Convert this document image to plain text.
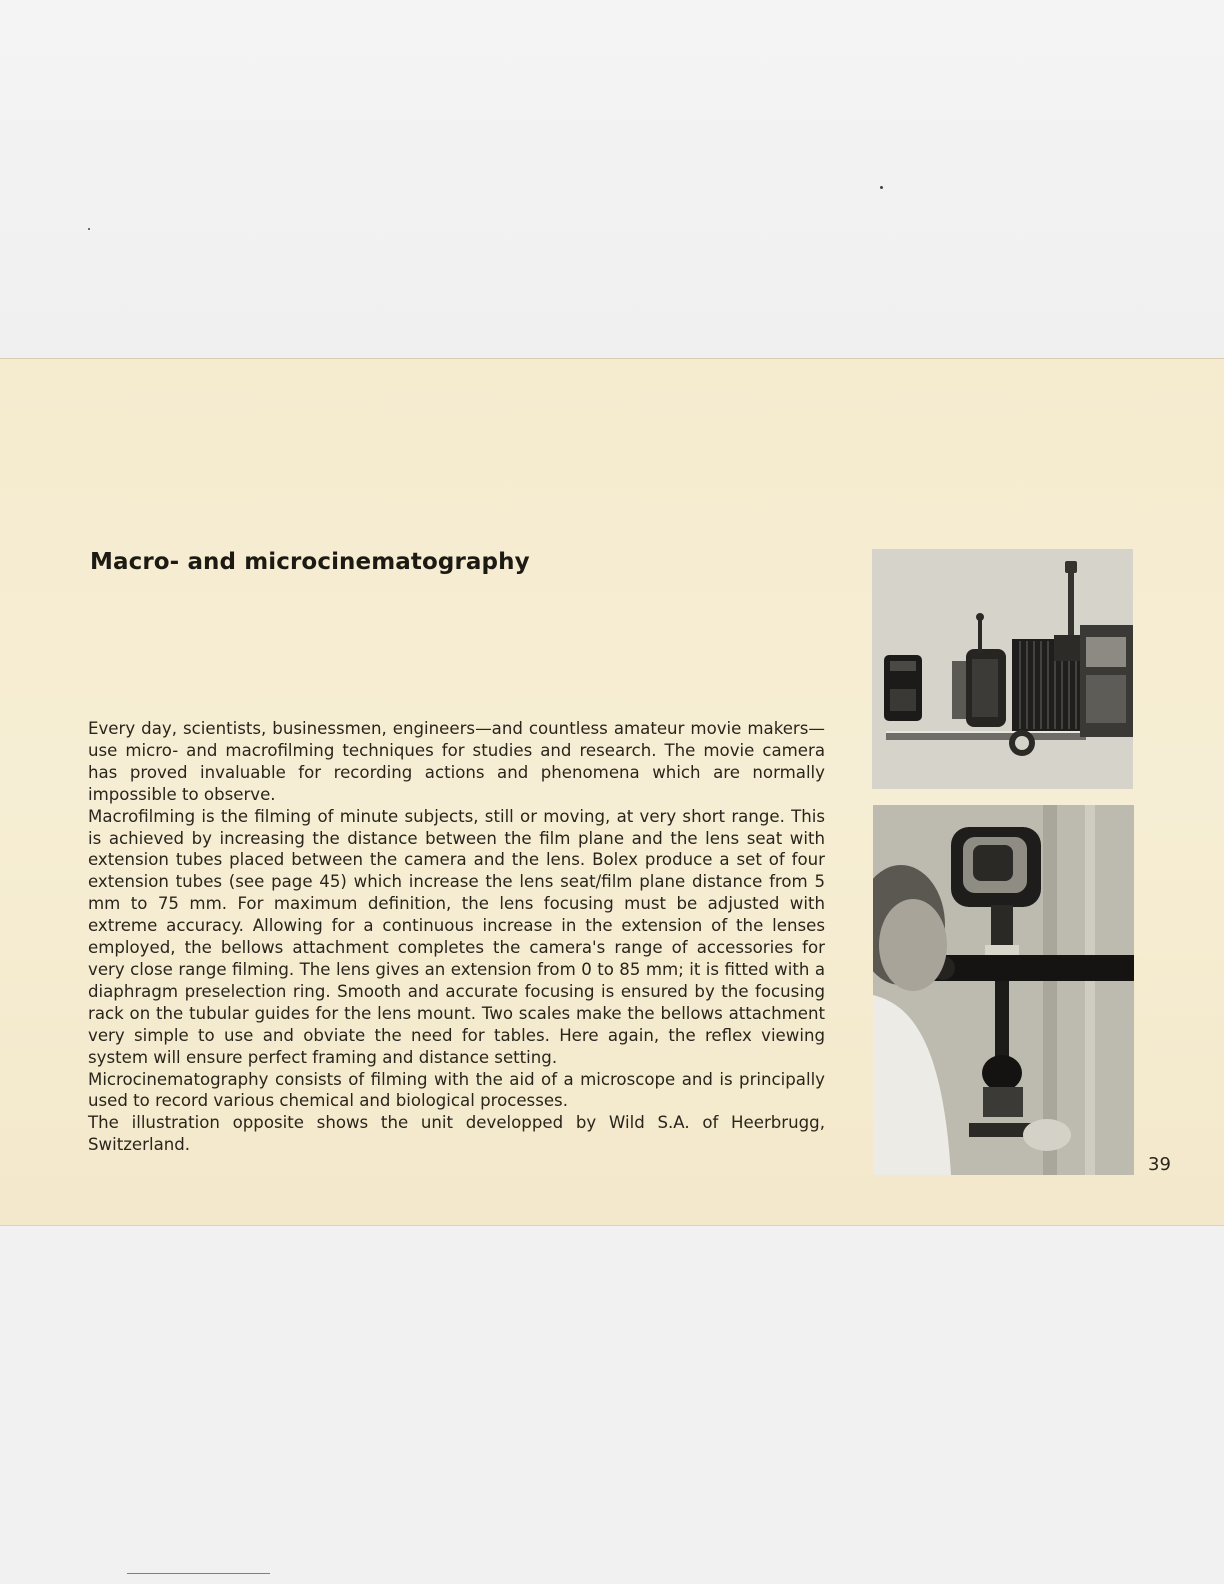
Macro- and microcinematography

Every day, scientists, businessmen, engineers—and countless amateur movie makers—use micro- and macrofilming techniques for studies and research. The movie camera has proved invaluable for recording actions and phenomena which are normally impossible to observe.

Macrofilming is the filming of minute subjects, still or moving, at very short range. This is achieved by increasing the distance between the film plane and the lens seat with extension tubes placed between the camera and the lens. Bolex produce a set of four extension tubes (see page 45) which increase the lens seat/film plane distance from 5 mm to 75 mm. For maximum definition, the lens focusing must be adjusted with extreme accuracy. Allowing for a continuous increase in the extension of the lenses employed, the bellows attachment completes the camera's range of accessories for very close range filming. The lens gives an extension from 0 to 85 mm; it is fitted with a diaphragm preselection ring. Smooth and accurate focusing is ensured by the focusing rack on the tubular guides for the lens mount. Two scales make the bellows attachment very simple to use and obviate the need for tables. Here again, the reflex viewing system will ensure perfect framing and distance setting.

Microcinematography consists of filming with the aid of a microscope and is principally used to record various chemical and biological processes.

The illustration opposite shows the unit developped by Wild S.A. of Heerbrugg, Switzerland.

39
